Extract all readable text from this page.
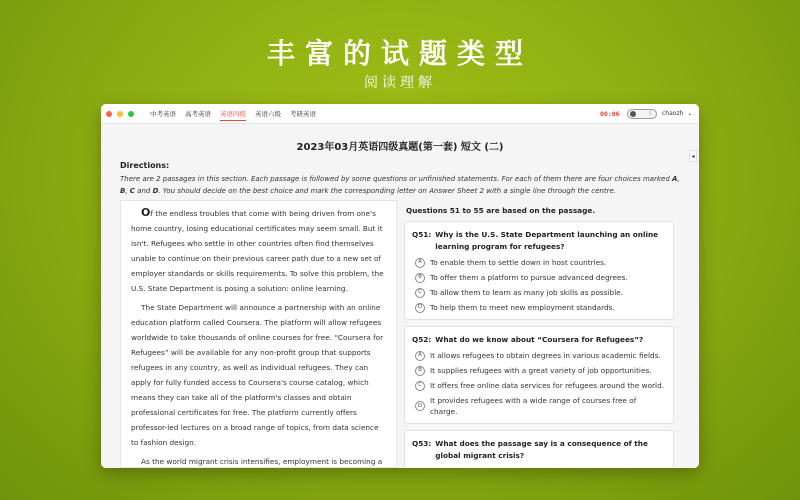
丰富的试题类型
阅读理解
中考英语 高考英语 英语四级 英语六级 考研英语	00:06	☾ chaozh ⌄
◂
2023年03月英语四级真题(第一套) 短文 (二)
Directions:
There are 2 passages in this section. Each passage is followed by some questions or unfinished statements. For each of them there are four choices marked A, B, C and D. You should decide on the best choice and mark the corresponding letter on Answer Sheet 2 with a single line through the centre.

Of the endless troubles that come with being driven from one's home country, losing educational certificates may seem small. But it isn't. Refugees who settle in other countries often find themselves unable to continue on their previous career path due to a new set of employer standards or skills requirements. To solve this problem, the U.S. State Department is posing a solution: online learning.

The State Department will announce a partnership with an online education platform called Coursera. The platform will allow refugees worldwide to take thousands of online courses for free. “Coursera for Refugees” will be available for any non-profit group that supports refugees in any country, as well as individual refugees. They can apply for fully funded access to Coursera's course catalog, which means they can take all of the platform's classes and obtain professional certificates for free. The platform currently offers professor-led lectures on a broad range of topics, from data science to fashion design.

As the world migrant crisis intensifies, employment is becoming a

Questions 51 to 55 are based on the passage.
Q51: Why is the U.S. State Department launching an online learning program for refugees?
A	To enable them to settle down in host countries.
B	To offer them a platform to pursue advanced degrees.
C	To allow them to learn as many job skills as possible.
D	To help them to meet new employment standards.
Q52: What do we know about “Coursera for Refugees”?
A	It allows refugees to obtain degrees in various academic fields.
B	It supplies refugees with a great variety of job opportunities.
C	It offers free online data services for refugees around the world.
D
It provides refugees with a wide range of courses free of charge.
Q53: What does the passage say is a consequence of the global migrant crisis?
